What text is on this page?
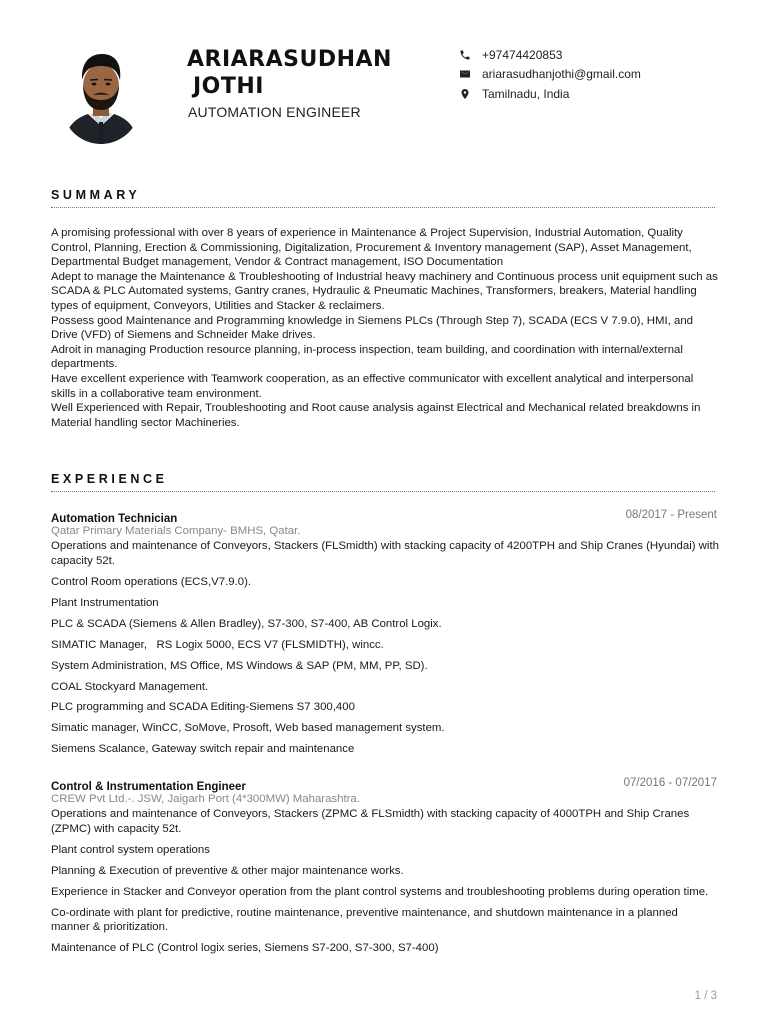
ARIARASUDHAN
JOTHI
AUTOMATION ENGINEER
+97474420853
ariarasudhanjothi@gmail.com
Tamilnadu, India
SUMMARY

A promising professional with over 8 years of experience in Maintenance & Project Supervision, Industrial Automation, Quality Control, Planning, Erection & Commissioning, Digitalization, Procurement & Inventory management (SAP), Asset Management, Departmental Budget management, Vendor & Contract management, ISO Documentation

Adept to manage the Maintenance & Troubleshooting of Industrial heavy machinery and Continuous process unit equipment such as SCADA & PLC Automated systems, Gantry cranes, Hydraulic & Pneumatic Machines, Transformers, breakers, Material handling types of equipment, Conveyors, Utilities and Stacker & reclaimers.

Possess good Maintenance and Programming knowledge in Siemens PLCs (Through Step 7), SCADA (ECS V 7.9.0), HMI, and Drive (VFD) of Siemens and Schneider Make drives.

Adroit in managing Production resource planning, in-process inspection, team building, and coordination with internal/external departments.

Have excellent experience with Teamwork cooperation, as an effective communicator with excellent analytical and interpersonal skills in a collaborative team environment.

Well Experienced with Repair, Troubleshooting and Root cause analysis against Electrical and Mechanical related breakdowns in Material handling sector Machineries.

EXPERIENCE
Automation Technician	08/2017 - Present
Qatar Primary Materials Company- BMHS, Qatar.
Operations and maintenance of Conveyors, Stackers (FLSmidth) with stacking capacity of 4200TPH and Ship Cranes (Hyundai) with capacity 52t.
Control Room operations (ECS,V7.9.0).
Plant Instrumentation
PLC & SCADA (Siemens & Allen Bradley), S7-300, S7-400, AB Control Logix.
SIMATIC Manager,   RS Logix 5000, ECS V7 (FLSMIDTH), wincc.
System Administration, MS Office, MS Windows & SAP (PM, MM, PP, SD).
COAL Stockyard Management.
PLC programming and SCADA Editing-Siemens S7 300,400
Simatic manager, WinCC, SoMove, Prosoft, Web based management system.
Siemens Scalance, Gateway switch repair and maintenance
Control & Instrumentation Engineer	07/2016 - 07/2017
CREW Pvt Ltd.-. JSW, Jaigarh Port (4*300MW) Maharashtra.
Operations and maintenance of Conveyors, Stackers (ZPMC & FLSmidth) with stacking capacity of 4000TPH and Ship Cranes (ZPMC) with capacity 52t.
Plant control system operations
Planning & Execution of preventive & other major maintenance works.
Experience in Stacker and Conveyor operation from the plant control systems and troubleshooting problems during operation time.
Co-ordinate with plant for predictive, routine maintenance, preventive maintenance, and shutdown maintenance in a planned manner & prioritization.
Maintenance of PLC (Control logix series, Siemens S7-200, S7-300, S7-400)
1 / 3
